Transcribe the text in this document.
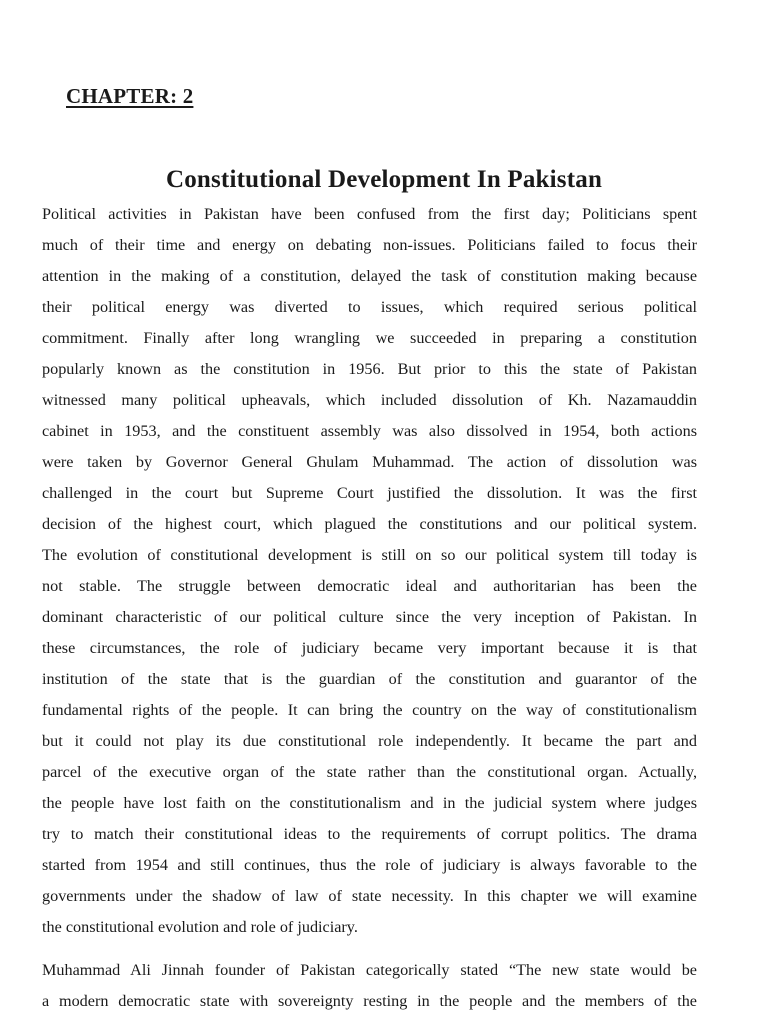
CHAPTER: 2
Constitutional Development In Pakistan
Political activities in Pakistan have been confused from the first day; Politicians spent
much of their time and energy on debating non-issues. Politicians failed to focus their
attention in the making of a constitution, delayed the task of constitution making because
their political energy was diverted to issues, which required serious political
commitment. Finally after long wrangling we succeeded in preparing a constitution
popularly known as the constitution in 1956. But prior to this the state of Pakistan
witnessed many political upheavals, which included dissolution of Kh. Nazamauddin
cabinet in 1953, and the constituent assembly was also dissolved in 1954, both actions
were taken by Governor General Ghulam Muhammad. The action of dissolution was
challenged in the court but Supreme Court justified the dissolution. It was the first
decision of the highest court, which plagued the constitutions and our political system.
The evolution of constitutional development is still on so our political system till today is
not stable. The struggle between democratic ideal and authoritarian has been the
dominant characteristic of our political culture since the very inception of Pakistan. In
these circumstances, the role of judiciary became very important because it is that
institution of the state that is the guardian of the constitution and guarantor of the
fundamental rights of the people. It can bring the country on the way of constitutionalism
but it could not play its due constitutional role independently. It became the part and
parcel of the executive organ of the state rather than the constitutional organ. Actually,
the people have lost faith on the constitutionalism and in the judicial system where judges
try to match their constitutional ideas to the requirements of corrupt politics. The drama
started from 1954 and still continues, thus the role of judiciary is always favorable to the
governments under the shadow of law of state necessity. In this chapter we will examine
the constitutional evolution and role of judiciary.
Muhammad Ali Jinnah founder of Pakistan categorically stated “The new state would be
a modern democratic state with sovereignty resting in the people and the members of the
